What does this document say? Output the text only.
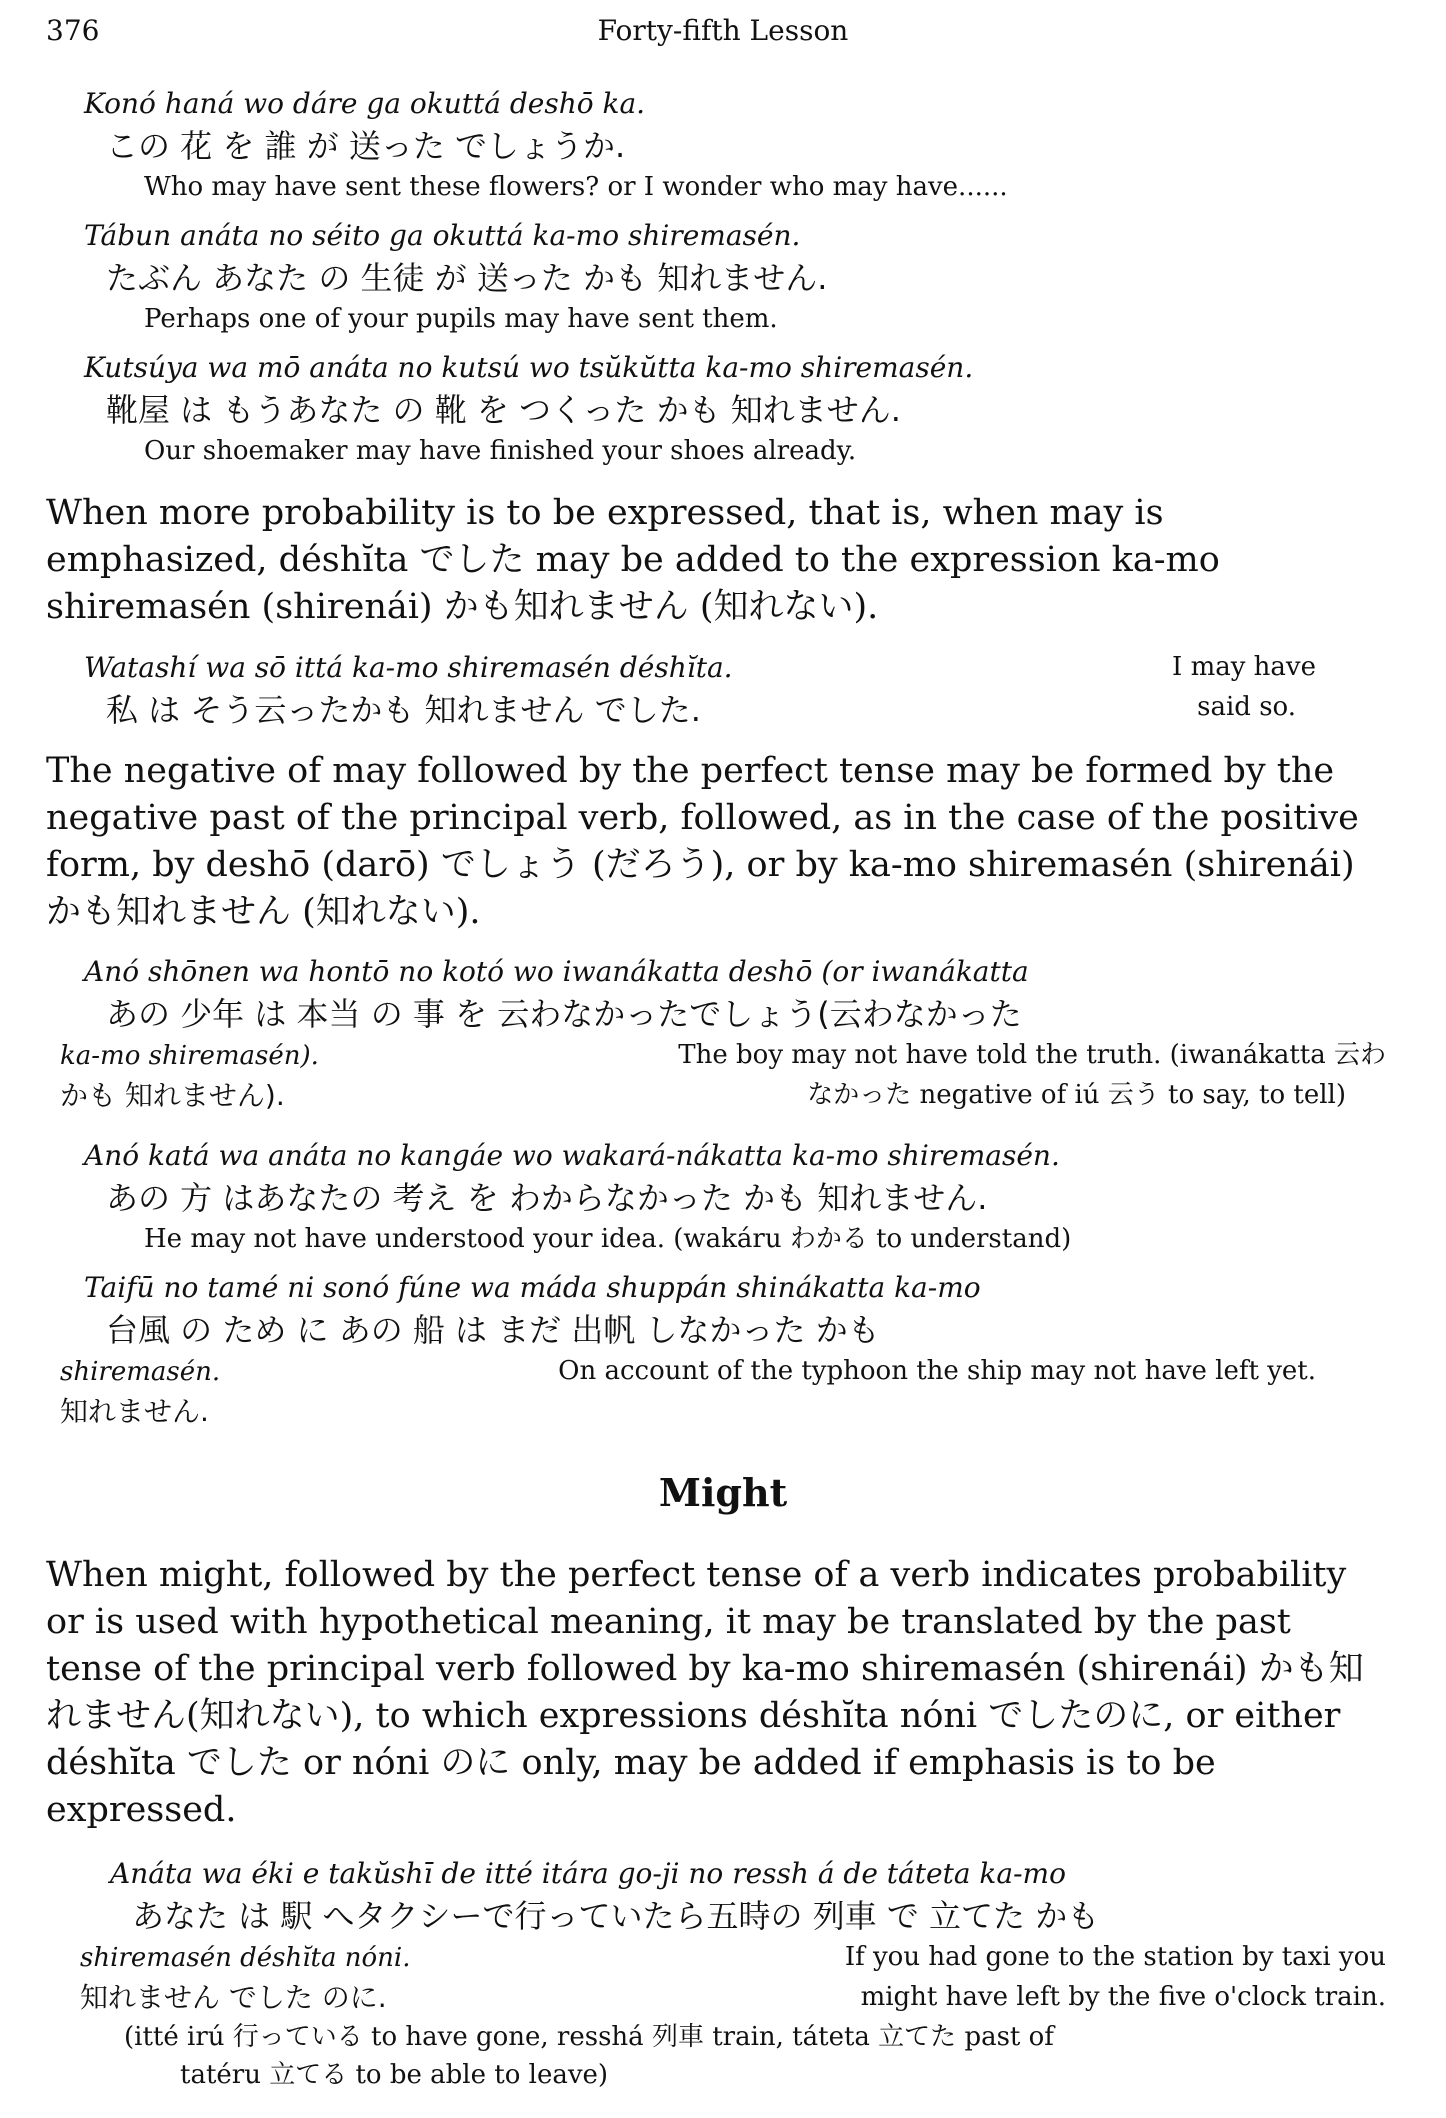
376	Forty-fifth Lesson

Konó haná wo dáre ga okuttá deshō ka.

この 花 を 誰 が 送った でしょうか.

Who may have sent these flowers? or I wonder who may have......

Tábun anáta no séito ga okuttá ka-mo shiremasén.

たぶん あなた の 生徒 が 送った かも 知れません.

Perhaps one of your pupils may have sent them.

Kutsúya wa mō anáta no kutsú wo tsŭkŭtta ka-mo shiremasén.

靴屋 は もうあなた の 靴 を つくった かも 知れません.

Our shoemaker may have finished your shoes already.

When more probability is to be expressed, that is, when may is emphasized, déshĭta でした may be added to the expression ka-mo shiremasén (shirenái) かも知れません (知れない).

Watashí wa sō ittá ka-mo shiremasén déshĭta.	I may have

私 は そう云ったかも 知れません でした.	said so.

The negative of may followed by the perfect tense may be formed by the negative past of the principal verb, followed, as in the case of the positive form, by deshō (darō) でしょう (だろう), or by ka-mo shiremasén (shirenái) かも知れません (知れない).

Anó shōnen wa hontō no kotó wo iwanákatta deshō (or iwanákatta

あの 少年 は 本当 の 事 を 云わなかったでしょう(云わなかった

ka-mo shiremasén).	The boy may not have told the truth. (iwanákatta 云わ

かも 知れません).	なかった negative of iú 云う to say, to tell)

Anó katá wa anáta no kangáe wo wakará-nákatta ka-mo shiremasén.

あの 方 はあなたの 考え を わからなかった かも 知れません.

He may not have understood your idea. (wakáru わかる to understand)

Taifū no tamé ni sonó fúne wa máda shuppán shinákatta ka-mo

台風 の ため に あの 船 は まだ 出帆 しなかった かも

shiremasén.	On account of the typhoon the ship may not have left yet.

知れません.

Might

When might, followed by the perfect tense of a verb indicates probability or is used with hypothetical meaning, it may be translated by the past tense of the principal verb followed by ka-mo shiremasén (shirenái) かも知れません(知れない), to which expressions déshĭta nóni でしたのに, or either déshĭta でした or nóni のに only, may be added if emphasis is to be expressed.

Anáta wa éki e takŭshī de itté itára go-ji no ressh á de táteta ka-mo

あなた は 駅 へタクシーで行っていたら五時の 列車 で 立てた かも

shiremasén déshĭta nóni.	If you had gone to the station by taxi you

知れません でした のに.	might have left by the five o'clock train.

(itté irú 行っている to have gone, resshá 列車 train, táteta 立てた past of

tatéru 立てる to be able to leave)
